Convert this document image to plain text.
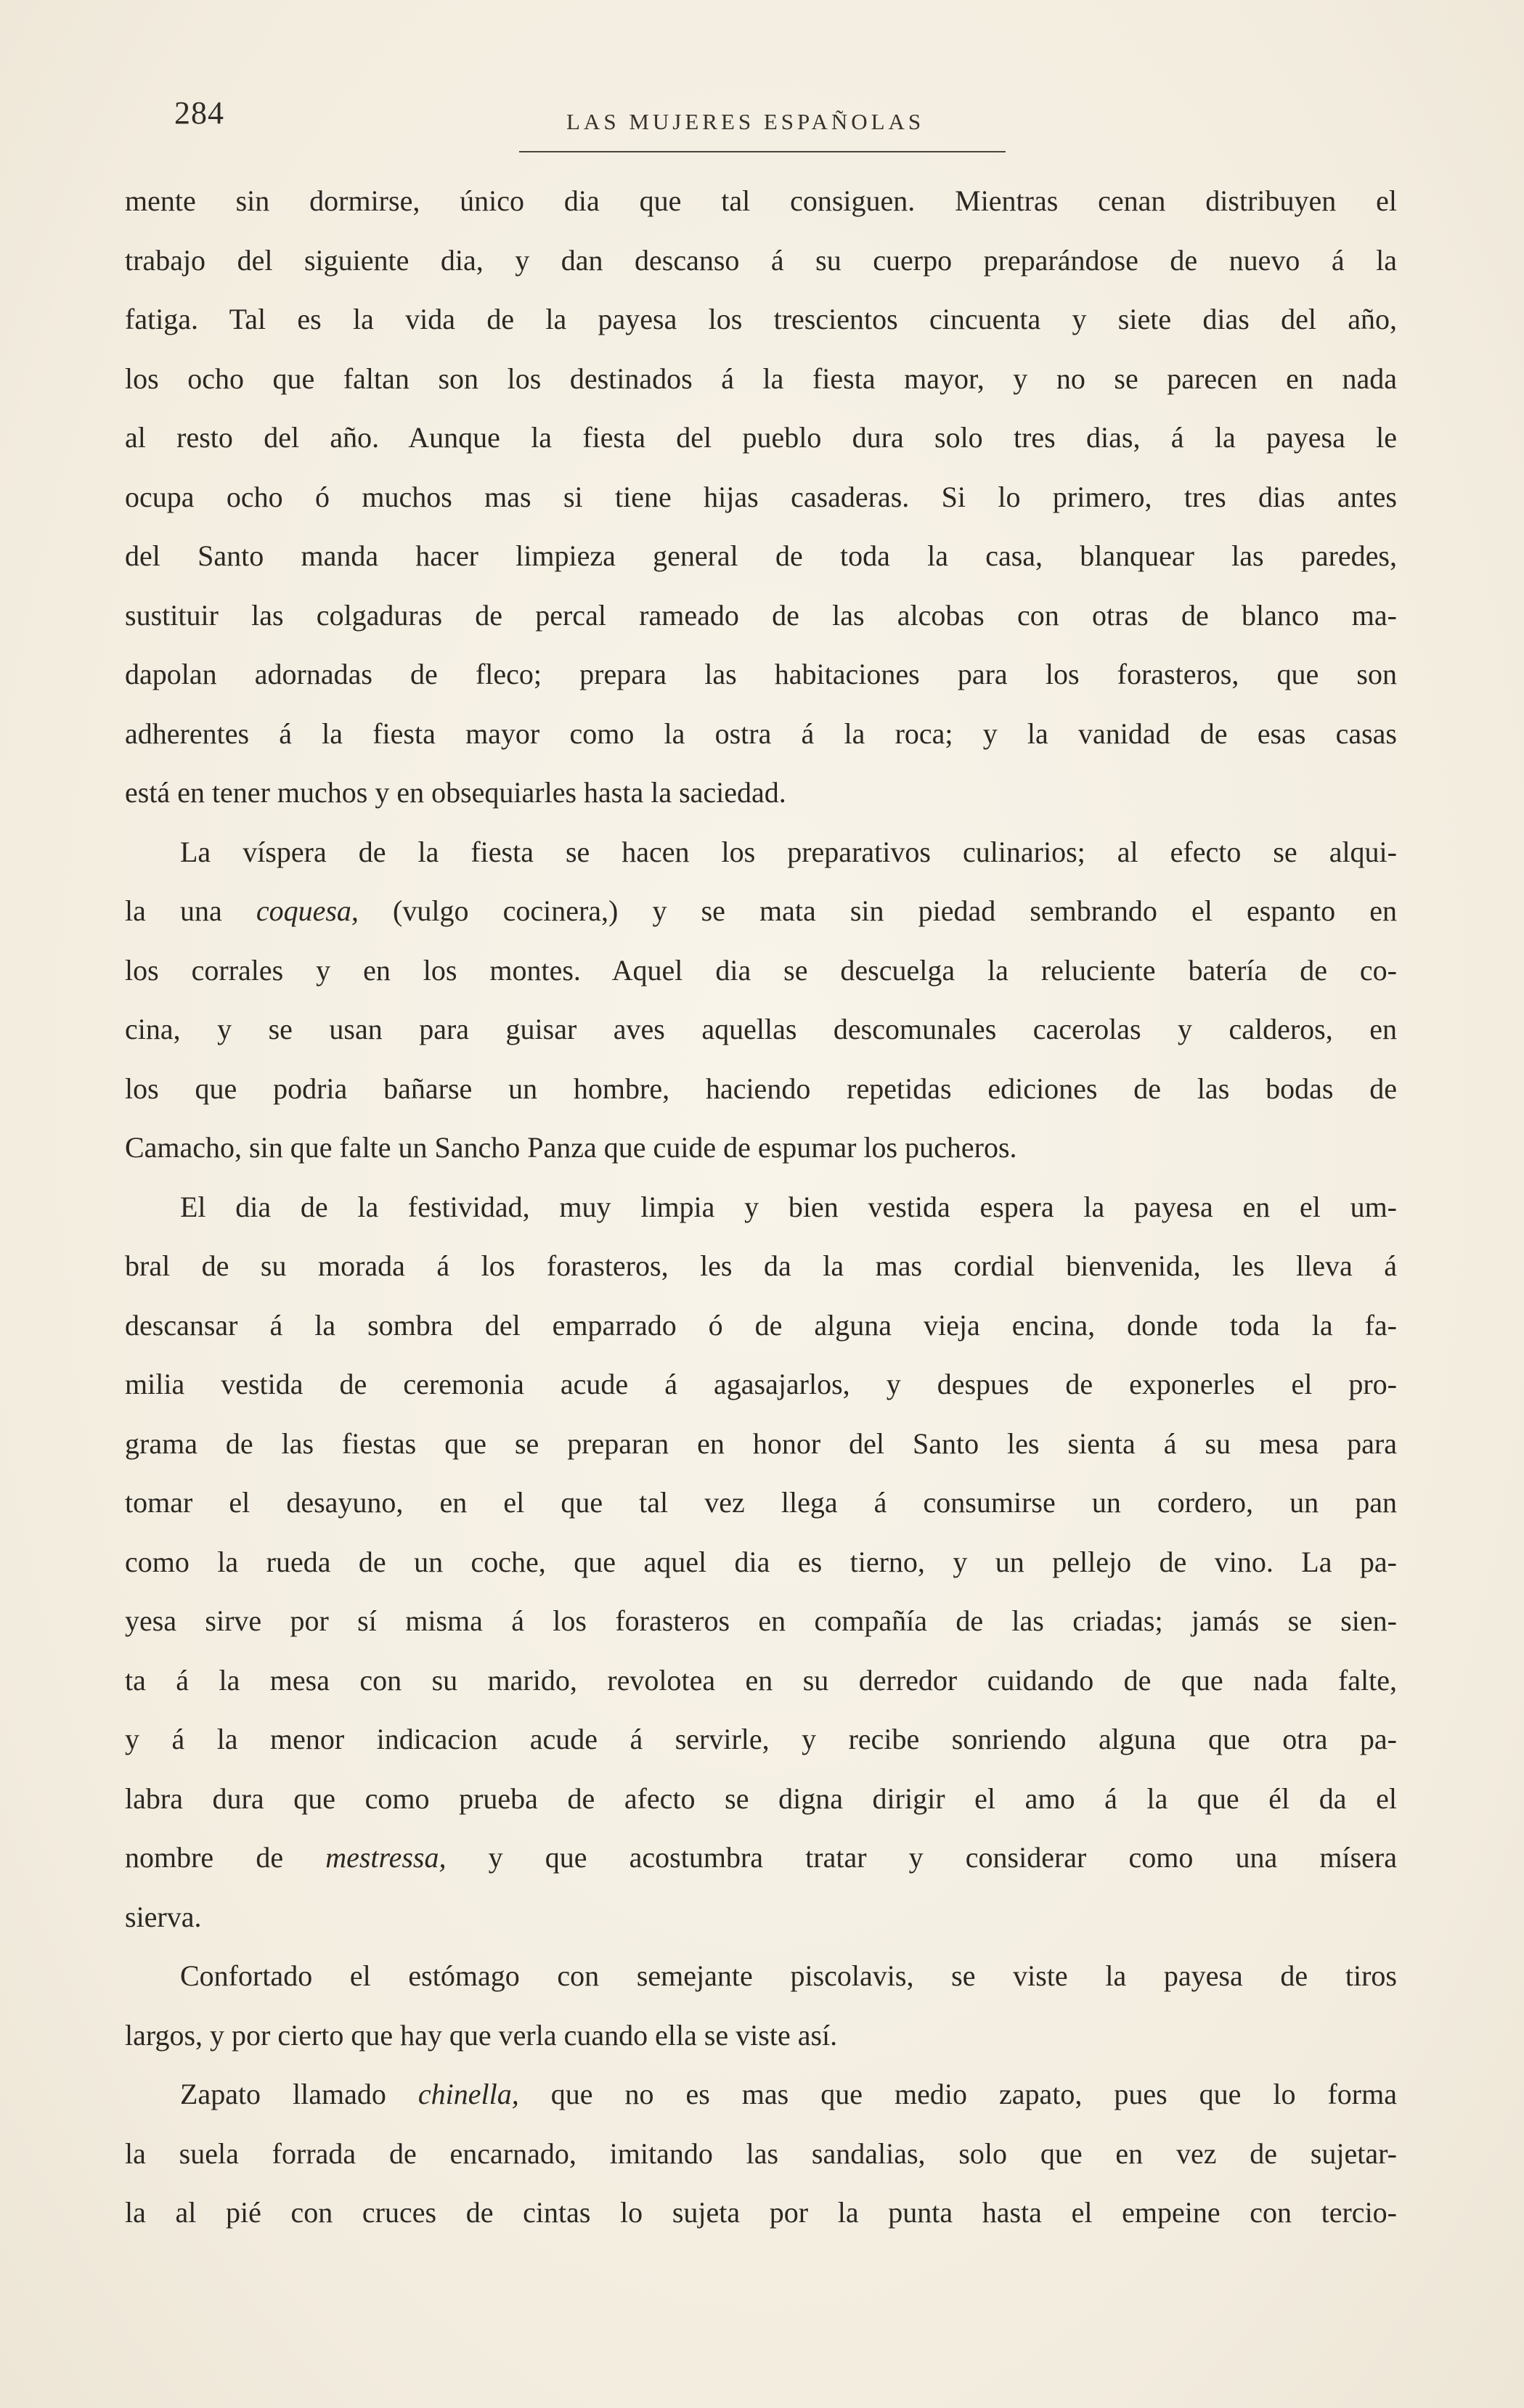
284	LAS MUJERES ESPAÑOLAS
mente sin dormirse, único dia que tal consiguen. Mientras cenan distribuyen el
trabajo del siguiente dia, y dan descanso á su cuerpo preparándose de nuevo á la
fatiga. Tal es la vida de la payesa los trescientos cincuenta y siete dias del año,
los ocho que faltan son los destinados á la fiesta mayor, y no se parecen en nada
al resto del año. Aunque la fiesta del pueblo dura solo tres dias, á la payesa le
ocupa ocho ó muchos mas si tiene hijas casaderas. Si lo primero, tres dias antes
del Santo manda hacer limpieza general de toda la casa, blanquear las paredes,
sustituir las colgaduras de percal rameado de las alcobas con otras de blanco ma-
dapolan adornadas de fleco; prepara las habitaciones para los forasteros, que son
adherentes á la fiesta mayor como la ostra á la roca; y la vanidad de esas casas
está en tener muchos y en obsequiarles hasta la saciedad.
La víspera de la fiesta se hacen los preparativos culinarios; al efecto se alqui-
la una coquesa, (vulgo cocinera,) y se mata sin piedad sembrando el espanto en
los corrales y en los montes. Aquel dia se descuelga la reluciente batería de co-
cina, y se usan para guisar aves aquellas descomunales cacerolas y calderos, en
los que podria bañarse un hombre, haciendo repetidas ediciones de las bodas de
Camacho, sin que falte un Sancho Panza que cuide de espumar los pucheros.
El dia de la festividad, muy limpia y bien vestida espera la payesa en el um-
bral de su morada á los forasteros, les da la mas cordial bienvenida, les lleva á
descansar á la sombra del emparrado ó de alguna vieja encina, donde toda la fa-
milia vestida de ceremonia acude á agasajarlos, y despues de exponerles el pro-
grama de las fiestas que se preparan en honor del Santo les sienta á su mesa para
tomar el desayuno, en el que tal vez llega á consumirse un cordero, un pan
como la rueda de un coche, que aquel dia es tierno, y un pellejo de vino. La pa-
yesa sirve por sí misma á los forasteros en compañía de las criadas; jamás se sien-
ta á la mesa con su marido, revolotea en su derredor cuidando de que nada falte,
y á la menor indicacion acude á servirle, y recibe sonriendo alguna que otra pa-
labra dura que como prueba de afecto se digna dirigir el amo á la que él da el
nombre de mestressa, y que acostumbra tratar y considerar como una mísera
sierva.
Confortado el estómago con semejante piscolavis, se viste la payesa de tiros
largos, y por cierto que hay que verla cuando ella se viste así.
Zapato llamado chinella, que no es mas que medio zapato, pues que lo forma
la suela forrada de encarnado, imitando las sandalias, solo que en vez de sujetar-
la al pié con cruces de cintas lo sujeta por la punta hasta el empeine con tercio-
